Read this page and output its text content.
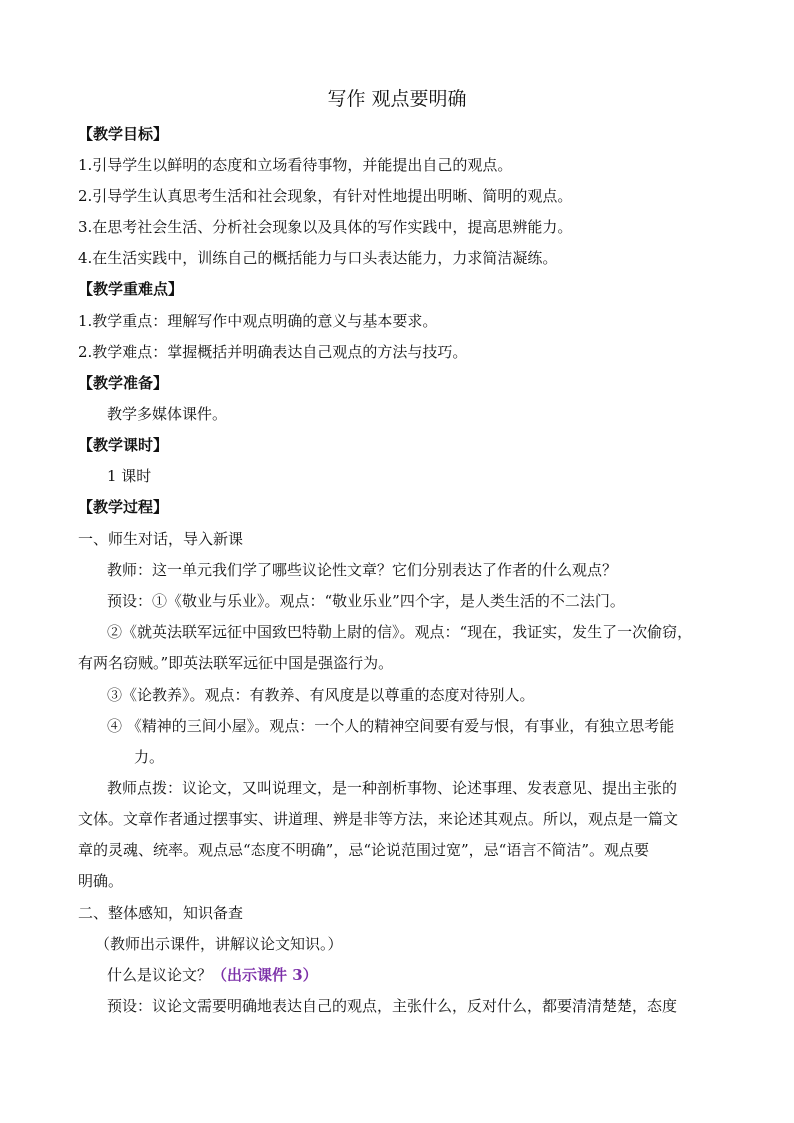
写作 观点要明确
【教学目标】
1.引导学生以鲜明的态度和立场看待事物，并能提出自己的观点。
2.引导学生认真思考生活和社会现象，有针对性地提出明晰、简明的观点。
3.在思考社会生活、分析社会现象以及具体的写作实践中，提高思辨能力。
4.在生活实践中，训练自己的概括能力与口头表达能力，力求简洁凝练。
【教学重难点】
1.教学重点：理解写作中观点明确的意义与基本要求。
2.教学难点：掌握概括并明确表达自己观点的方法与技巧。
【教学准备】
教学多媒体课件。
【教学课时】
1 课时
【教学过程】
一、师生对话，导入新课
教师：这一单元我们学了哪些议论性文章？它们分别表达了作者的什么观点？
预设：①《敬业与乐业》。观点：“敬业乐业”四个字，是人类生活的不二法门。
②《就英法联军远征中国致巴特勒上尉的信》。观点：“现在，我证实，发生了一次偷窃，
有两名窃贼。”即英法联军远征中国是强盗行为。
③《论教养》。观点：有教养、有风度是以尊重的态度对待别人。
④ 《精神的三间小屋》。观点：一个人的精神空间要有爱与恨，有事业，有独立思考能
力。
教师点拨：议论文，又叫说理文，是一种剖析事物、论述事理、发表意见、提出主张的
文体。文章作者通过摆事实、讲道理、辨是非等方法，来论述其观点。所以，观点是一篇文
章的灵魂、统率。观点忌“态度不明确”，忌“论说范围过宽”，忌“语言不简洁”。观点要
明确。
二、整体感知，知识备查
（教师出示课件，讲解议论文知识。）
什么是议论文？（出示课件 3）
预设：议论文需要明确地表达自己的观点，主张什么，反对什么，都要清清楚楚，态度
